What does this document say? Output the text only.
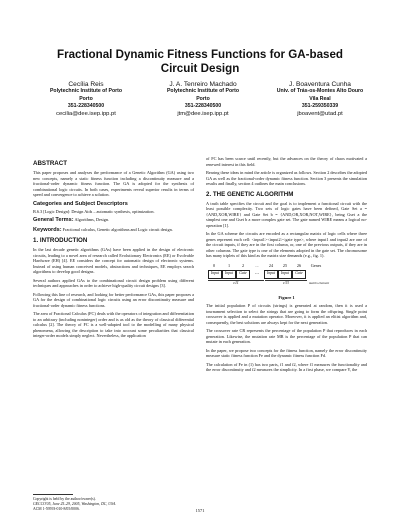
Fractional Dynamic Fitness Functions for GA-based
Circuit Design
Cecília Reis
Polytechnic Institute of Porto
Porto
351-228340500
cecilia@dee.isep.ipp.pt
J. A. Tenreiro Machado
Polytechnic Institute of Porto
Porto
351-228340500
jtm@dee.isep.ipp.pt
J. Boaventura Cunha
Univ. of Trás-os-Montes Alto Douro
Vila Real
351-259350339
jboavent@utad.pt
ABSTRACT

This paper proposes and analyses the performance of a Genetic Algorithm (GA) using two new concepts, namely a static fitness function including a discontinuity measure and a fractional-order dynamic fitness function. The GA is adopted for the synthesis of combinational logic circuits. In both cases, experiments reveal superior results in terms of speed and convergence to achieve a solution.

Categories and Subject Descriptors

B.6.3 [Logic Design]: Design Aids – automatic synthesis, optimization.

General Terms: Algorithms, Design.

Keywords: Fractional calculus, Genetic algorithms and Logic circuit design.

1. INTRODUCTION

In the last decade genetic algorithms (GAs) have been applied in the design of electronic circuits, leading to a novel area of research called Evolutionary Electronics (EE) or Evolvable Hardware (EH) [4]. EE considers the concept for automatic design of electronic systems. Instead of using human conceived models, abstractions and techniques, EE employs search algorithms to develop good designs.

Several authors applied GAs to the combinational circuit design problem using different techniques and approaches in order to achieve high-quality circuit designs [3].

Following this line of research, and looking for better performance GAs, this paper proposes a GA for the design of combinational logic circuits using an error discontinuity measure and fractional-order dynamic fitness functions.

The area of Fractional Calculus (FC) deals with the operators of integration and differentiation to an arbitrary (including noninteger) order and is as old as the theory of classical differential calculus [2]. The theory of FC is a well-adapted tool to the modelling of many physical phenomena, allowing the description to take into account some peculiarities that classical integer-order models simply neglect. Nevertheless, the application

of FC has been scarce until recently, but the advances on the theory of chaos motivated a renewed interest in this field.

Bearing these ideas in mind the article is organized as follows. Section 2 describes the adopted GA as well as the fractional-order dynamic fitness function. Section 3 presents the simulation results and finally, section 4 outlines the main conclusions.

2. THE GENETIC ALGORITHM

A truth table specifies the circuit and the goal is to implement a functional circuit with the least possible complexity. Two sets of logic gates have been defined, Gate Set a = {AND,XOR,WIRE} and Gate Set b = {AND,OR,XOR,NOT,WIRE}, being Gset a the simplest one and Gset b a more complex gate set. The gate named WIRE means a logical no-operation [1].

In the GA scheme the circuits are encoded as a rectangular matrix of logic cells where three genes represent each cell: <input1><input2><gate type>, where input1 and input2 are one of the circuit inputs, if they are in the first column, or, one of the previous outputs, if they are in other columns. The gate type is one of the elements adopted in the gate set. The chromosome has many triplets of this kind as the matrix size demands (e.g., fig. 1).

0	1	2	...	24	25	26	Genes
Input	Input	Gate	...	Input	Input	Gate
c11	c33	matrix element
Figure 1

The initial population P of circuits (strings) is generated at random, then it is used a tournament selection to select the strings that are going to form the offspring. Single point crossover is applied and a mutation operator. Moreover, it is applied an elitist algorithm and, consequently, the best solutions are always kept for the next generation.

The crossover rate CR represents the percentage of the population P that reproduces in each generation. Likewise, the mutation rate MR is the percentage of the population P that can mutate in each generation.

In the paper, we propose two concepts for the fitness function, namely the error discontinuity measure static fitness function Fe and the dynamic fitness function Fd.

The calculation of Fe in (1) has two parts, f1 and f2, where f1 measures the functionality and the error discontinuity and f2 measures the simplicity. In a first phase, we compare Y, the

Copyright is held by the author/owner(s).
GECCO'05, June 25–29, 2005, Washington, DC, USA.
ACM 1-59593-010-8/05/0006.	1571
